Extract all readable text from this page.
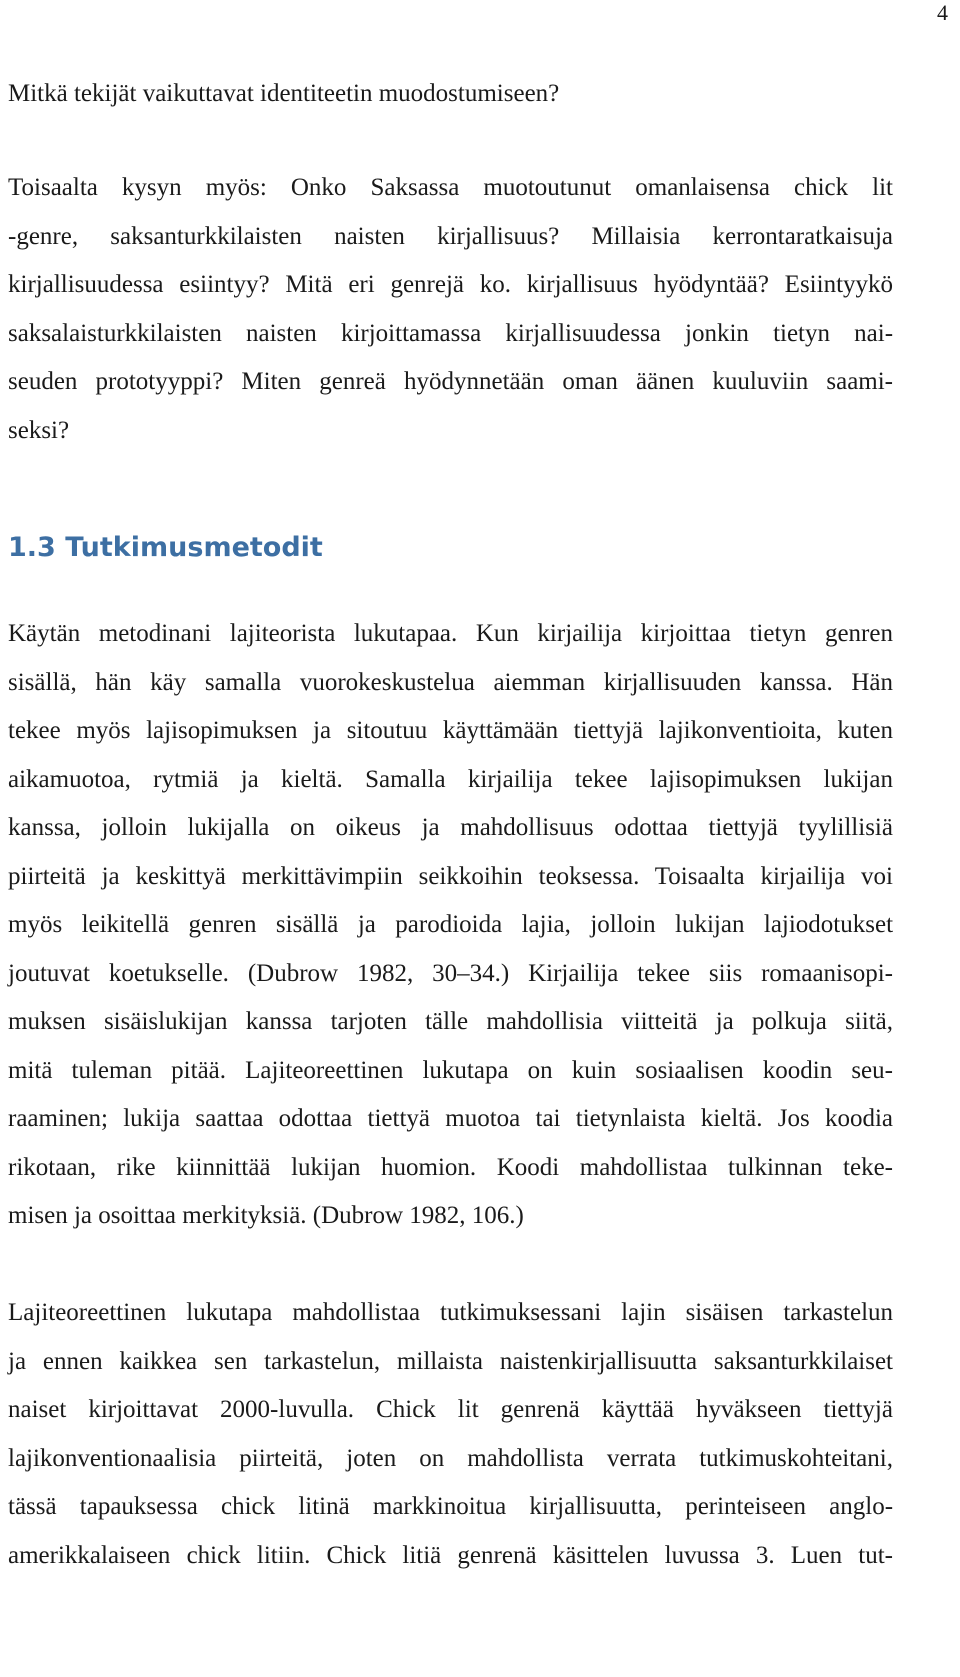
4

Mitkä tekijät vaikuttavat identiteetin muodostumiseen?

Toisaalta kysyn myös: Onko Saksassa muotoutunut omanlaisensa chick lit
-genre, saksanturkkilaisten naisten kirjallisuus? Millaisia kerrontaratkaisuja
kirjallisuudessa esiintyy? Mitä eri genrejä ko. kirjallisuus hyödyntää? Esiintyykö
saksalaisturkkilaisten naisten kirjoittamassa kirjallisuudessa jonkin tietyn nai-
seuden prototyyppi? Miten genreä hyödynnetään oman äänen kuuluviin saami-
seksi?

1.3 Tutkimusmetodit

Käytän metodinani lajiteorista lukutapaa. Kun kirjailija kirjoittaa tietyn genren
sisällä, hän käy samalla vuorokeskustelua aiemman kirjallisuuden kanssa. Hän
tekee myös lajisopimuksen ja sitoutuu käyttämään tiettyjä lajikonventioita, kuten
aikamuotoa, rytmiä ja kieltä. Samalla kirjailija tekee lajisopimuksen lukijan
kanssa, jolloin lukijalla on oikeus ja mahdollisuus odottaa tiettyjä tyylillisiä
piirteitä ja keskittyä merkittävimpiin seikkoihin teoksessa. Toisaalta kirjailija voi
myös leikitellä genren sisällä ja parodioida lajia, jolloin lukijan lajiodotukset
joutuvat koetukselle. (Dubrow 1982, 30–34.) Kirjailija tekee siis romaanisopi-
muksen sisäislukijan kanssa tarjoten tälle mahdollisia viitteitä ja polkuja siitä,
mitä tuleman pitää. Lajiteoreettinen lukutapa on kuin sosiaalisen koodin seu-
raaminen; lukija saattaa odottaa tiettyä muotoa tai tietynlaista kieltä. Jos koodia
rikotaan, rike kiinnittää lukijan huomion. Koodi mahdollistaa tulkinnan teke-
misen ja osoittaa merkityksiä. (Dubrow 1982, 106.)

Lajiteoreettinen lukutapa mahdollistaa tutkimuksessani lajin sisäisen tarkastelun
ja ennen kaikkea sen tarkastelun, millaista naistenkirjallisuutta saksanturkkilaiset
naiset kirjoittavat 2000-luvulla. Chick lit genrenä käyttää hyväkseen tiettyjä
lajikonventionaalisia piirteitä, joten on mahdollista verrata tutkimuskohteitani,
tässä tapauksessa chick litinä markkinoitua kirjallisuutta, perinteiseen anglo-
amerikkalaiseen chick litiin. Chick litiä genrenä käsittelen luvussa 3. Luen tut-
